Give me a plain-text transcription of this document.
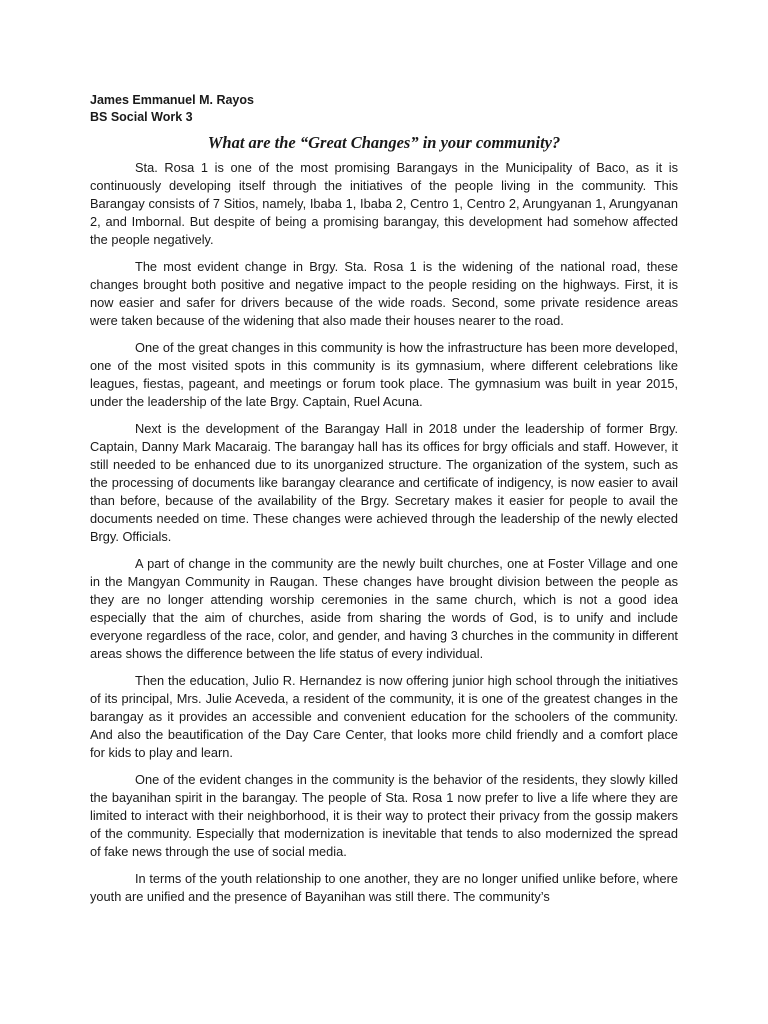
James Emmanuel M. Rayos

BS Social Work 3

What are the “Great Changes” in your community?

Sta. Rosa 1 is one of the most promising Barangays in the Municipality of Baco, as it is continuously developing itself through the initiatives of the people living in the community. This Barangay consists of 7 Sitios, namely, Ibaba 1, Ibaba 2, Centro 1, Centro 2, Arungyanan 1, Arungyanan 2, and Imbornal. But despite of being a promising barangay, this development had somehow affected the people negatively.

The most evident change in Brgy. Sta. Rosa 1 is the widening of the national road, these changes brought both positive and negative impact to the people residing on the highways. First, it is now easier and safer for drivers because of the wide roads. Second, some private residence areas were taken because of the widening that also made their houses nearer to the road.

One of the great changes in this community is how the infrastructure has been more developed, one of the most visited spots in this community is its gymnasium, where different celebrations like leagues, fiestas, pageant, and meetings or forum took place. The gymnasium was built in year 2015, under the leadership of the late Brgy. Captain, Ruel Acuna.

Next is the development of the Barangay Hall in 2018 under the leadership of former Brgy. Captain, Danny Mark Macaraig. The barangay hall has its offices for brgy officials and staff. However, it still needed to be enhanced due to its unorganized structure. The organization of the system, such as the processing of documents like barangay clearance and certificate of indigency, is now easier to avail than before, because of the availability of the Brgy. Secretary makes it easier for people to avail the documents needed on time. These changes were achieved through the leadership of the newly elected Brgy. Officials.

A part of change in the community are the newly built churches, one at Foster Village and one in the Mangyan Community in Raugan. These changes have brought division between the people as they are no longer attending worship ceremonies in the same church, which is not a good idea especially that the aim of churches, aside from sharing the words of God, is to unify and include everyone regardless of the race, color, and gender, and having 3 churches in the community in different areas shows the difference between the life status of every individual.

Then the education, Julio R. Hernandez is now offering junior high school through the initiatives of its principal, Mrs. Julie Aceveda, a resident of the community, it is one of the greatest changes in the barangay as it provides an accessible and convenient education for the schoolers of the community. And also the beautification of the Day Care Center, that looks more child friendly and a comfort place for kids to play and learn.

One of the evident changes in the community is the behavior of the residents, they slowly killed the bayanihan spirit in the barangay. The people of Sta. Rosa 1 now prefer to live a life where they are limited to interact with their neighborhood, it is their way to protect their privacy from the gossip makers of the community. Especially that modernization is inevitable that tends to also modernized the spread of fake news through the use of social media.

In terms of the youth relationship to one another, they are no longer unified unlike before, where youth are unified and the presence of Bayanihan was still there. The community’s
